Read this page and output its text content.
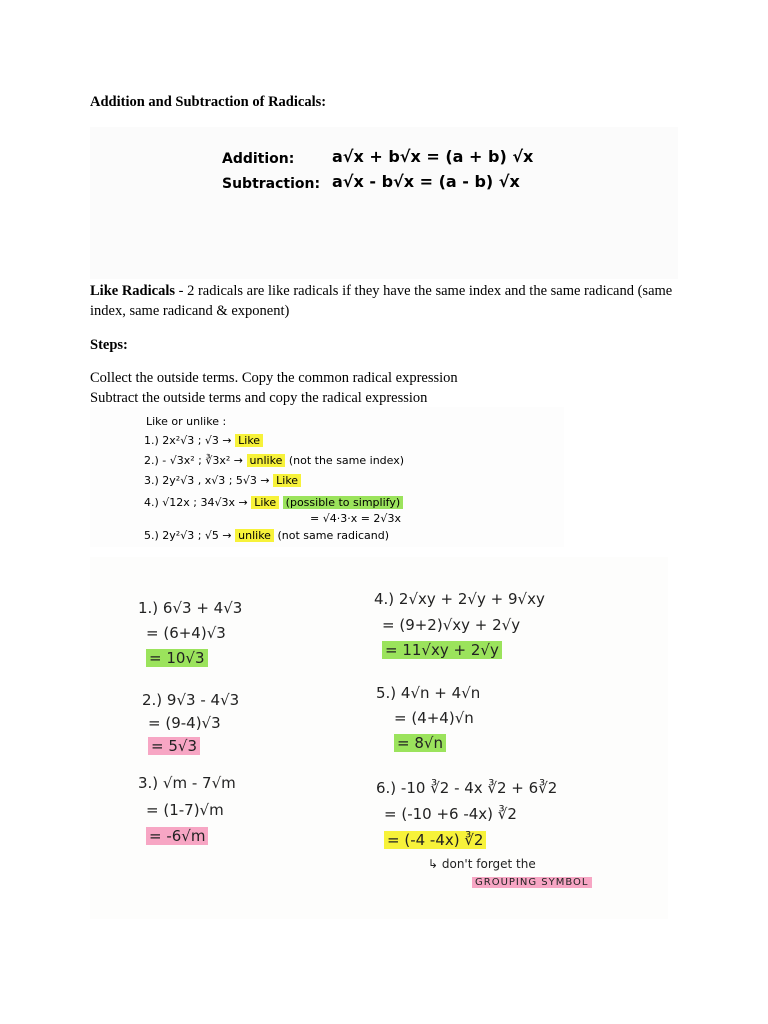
Addition and Subtraction of Radicals:
Addition: a√x + b√x = (a + b) √x
Subtraction: a√x - b√x = (a - b) √x
Like Radicals - 2 radicals are like radicals if they have the same index and the same radicand (same index, same radicand & exponent)
Steps:
Collect the outside terms. Copy the common radical expression
Subtract the outside terms and copy the radical expression
Like or unlike :
1.) 2x²√3 ; √3 → Like
2.) - √3x² ; ∛3x² → unlike (not the same index)
3.) 2y²√3 , x√3 ; 5√3 → Like
4.) √12x ; 34√3x → Like (possible to simplify)
= √4·3·x = 2√3x
5.) 2y²√3 ; √5 → unlike (not same radicand)
1.) 6√3 + 4√3
= (6+4)√3
= 10√3
2.) 9√3 - 4√3
= (9-4)√3
= 5√3
3.) √m - 7√m
= (1-7)√m
= -6√m
4.) 2√xy + 2√y + 9√xy
= (9+2)√xy + 2√y
= 11√xy + 2√y
5.) 4√n + 4√n
= (4+4)√n
= 8√n
6.) -10 ∛2 - 4x ∛2 + 6∛2
= (-10 +6 -4x) ∛2
= (-4 -4x) ∛2
↳ don't forget the
GROUPING SYMBOL
